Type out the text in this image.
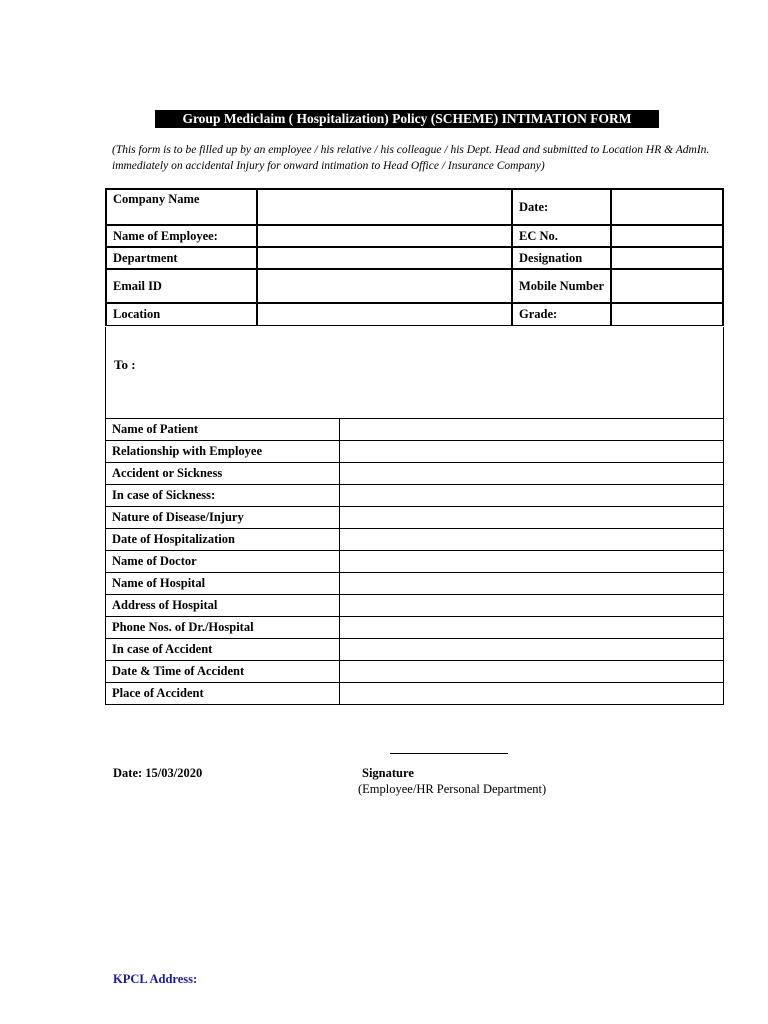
Group Mediclaim ( Hospitalization) Policy (SCHEME) INTIMATION FORM
(This form is to be filled up by an employee / his relative / his colleague / his Dept. Head and submitted to Location HR & AdmIn. immediately on accidental Injury for onward intimation to Head Office / Insurance Company)
Company Name		Date:	
Name of Employee:		EC No.	
Department		Designation	
Email ID		Mobile Number	
Location		Grade:	
To :
Name of Patient	
Relationship with Employee	
Accident or Sickness	
In case of Sickness:	
Nature of Disease/Injury	
Date of Hospitalization	
Name of Doctor	
Name of Hospital	
Address of Hospital	
Phone Nos. of Dr./Hospital	
In case of Accident	
Date & Time of Accident	
Place of Accident	
Date: 15/03/2020	Signature
(Employee/HR Personal Department)
KPCL Address:
